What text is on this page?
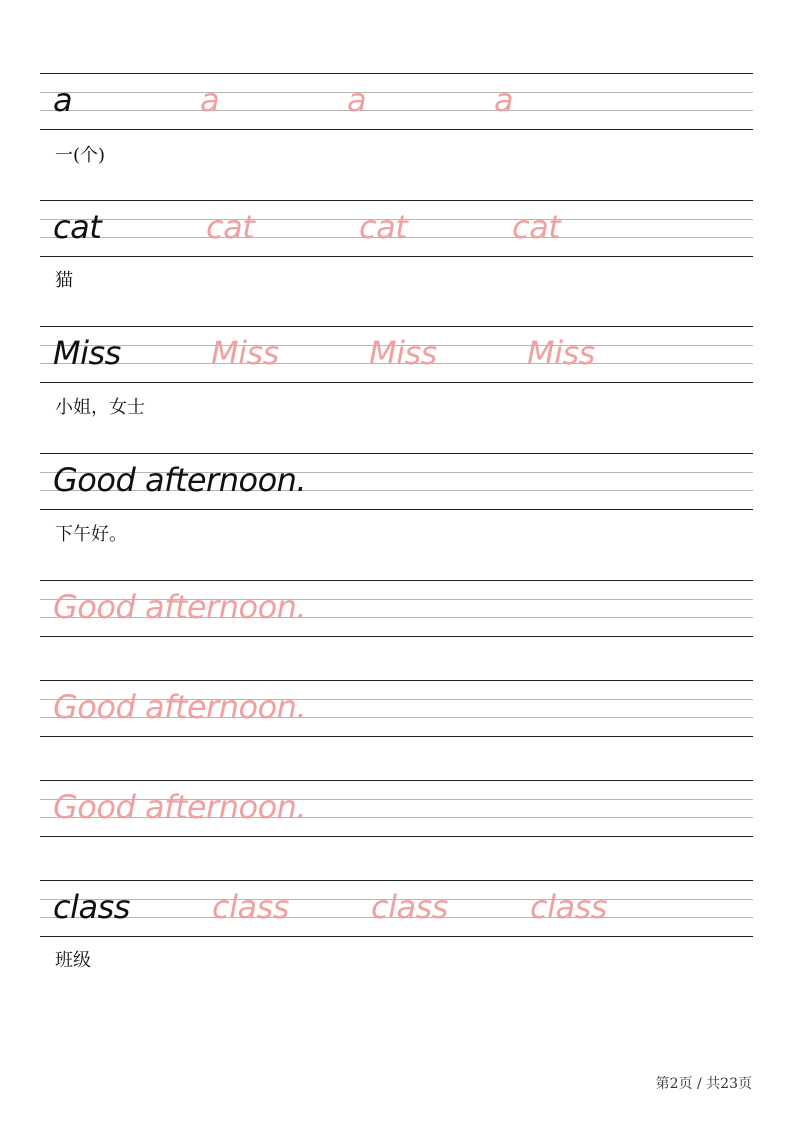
a	a	a	a
一(个)
cat	cat	cat	cat
猫
Miss	Miss	Miss	Miss
小姐，女士
Good afternoon.
下午好。
Good afternoon.
Good afternoon.
Good afternoon.
class	class	class	class
班级
第2页 / 共23页
